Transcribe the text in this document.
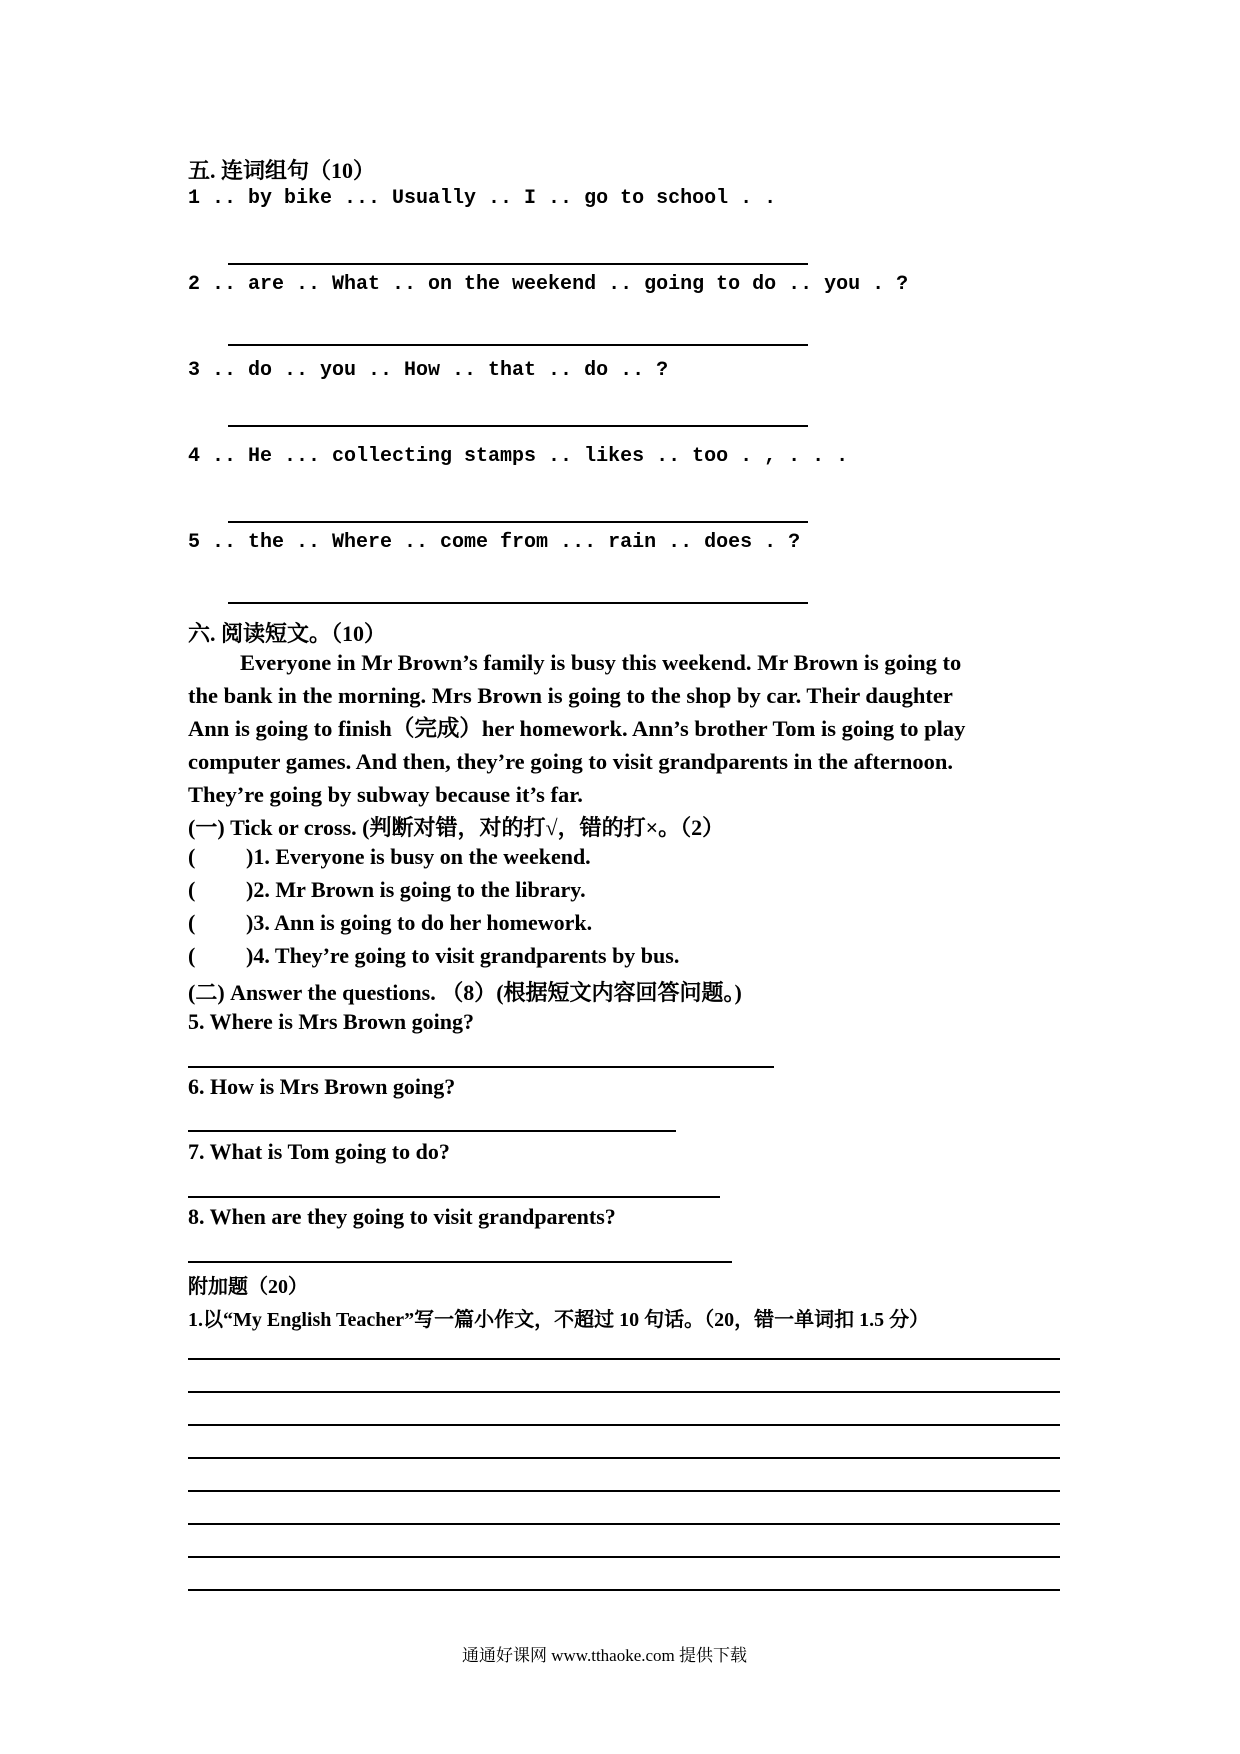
五. 连词组句（10）
1 .. by bike ... Usually .. I .. go to school . .
2 .. are .. What .. on the weekend .. going to do .. you . ?
3 .. do .. you .. How .. that .. do .. ?
4 .. He ... collecting stamps .. likes .. too . , . . .
5 .. the .. Where .. come from ... rain .. does . ?
六. 阅读短文。（10）
Everyone in Mr Brown’s family is busy this weekend. Mr Brown is going to
the bank in the morning. Mrs Brown is going to the shop by car. Their daughter
Ann is going to finish（完成）her homework. Ann’s brother Tom is going to play
computer games. And then, they’re going to visit grandparents in the afternoon.
They’re going by subway because it’s far.
(一) Tick or cross. (判断对错，对的打√，错的打×。（2）
( )1. Everyone is busy on the weekend.
( )2. Mr Brown is going to the library.
( )3. Ann is going to do her homework.
( )4. They’re going to visit grandparents by bus.
(二) Answer the questions. （8）(根据短文内容回答问题。)
5. Where is Mrs Brown going?
6. How is Mrs Brown going?
7. What is Tom going to do?
8. When are they going to visit grandparents?
附加题（20）
1.以“My English Teacher”写一篇小作文，不超过 10 句话。（20，错一单词扣 1.5 分）
通通好课网 www.tthaoke.com 提供下载
